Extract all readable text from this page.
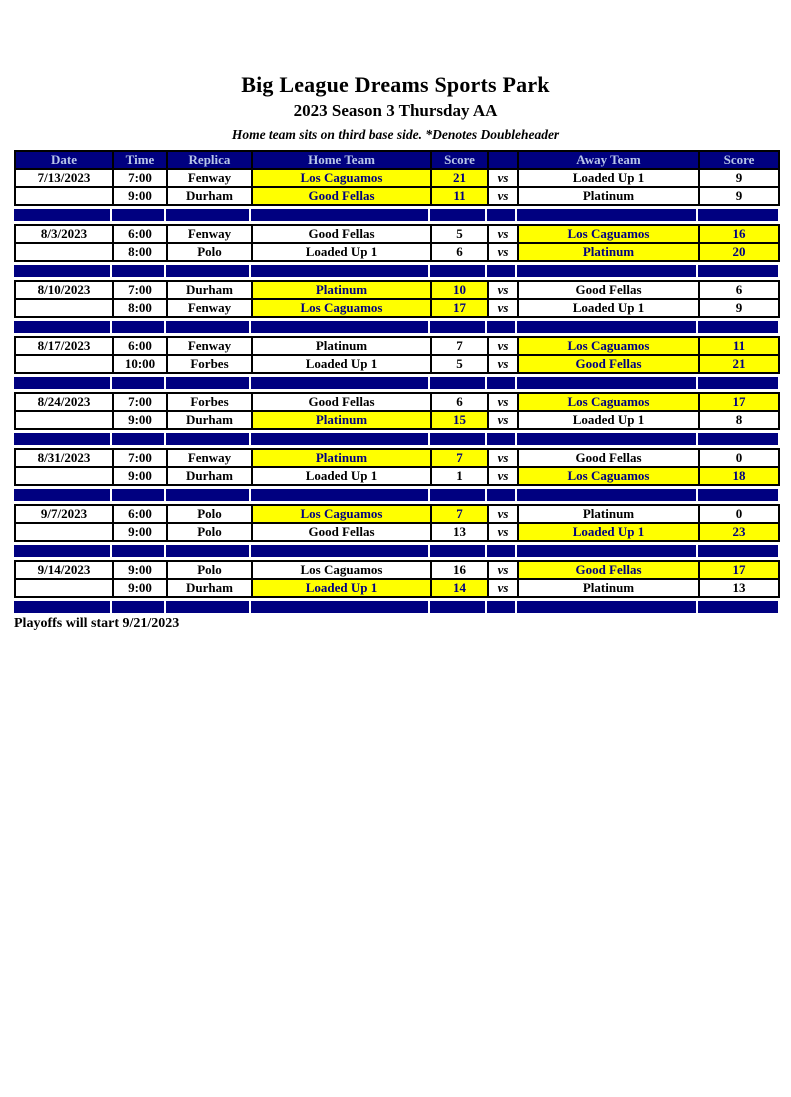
Big League Dreams Sports Park
2023 Season 3 Thursday AA
Home team sits on third base side. *Denotes Doubleheader
Date	Time	Replica	Home Team	Score		Away Team	Score
7/13/2023	7:00	Fenway	Los Caguamos	21	vs	Loaded Up 1	9
	9:00	Durham	Good Fellas	11	vs	Platinum	9
8/3/2023	6:00	Fenway	Good Fellas	5	vs	Los Caguamos	16
	8:00	Polo	Loaded Up 1	6	vs	Platinum	20
8/10/2023	7:00	Durham	Platinum	10	vs	Good Fellas	6
	8:00	Fenway	Los Caguamos	17	vs	Loaded Up 1	9
8/17/2023	6:00	Fenway	Platinum	7	vs	Los Caguamos	11
	10:00	Forbes	Loaded Up 1	5	vs	Good Fellas	21
8/24/2023	7:00	Forbes	Good Fellas	6	vs	Los Caguamos	17
	9:00	Durham	Platinum	15	vs	Loaded Up 1	8
8/31/2023	7:00	Fenway	Platinum	7	vs	Good Fellas	0
	9:00	Durham	Loaded Up 1	1	vs	Los Caguamos	18
9/7/2023	6:00	Polo	Los Caguamos	7	vs	Platinum	0
	9:00	Polo	Good Fellas	13	vs	Loaded Up 1	23
9/14/2023	9:00	Polo	Los Caguamos	16	vs	Good Fellas	17
	9:00	Durham	Loaded Up 1	14	vs	Platinum	13
Playoffs will start 9/21/2023
